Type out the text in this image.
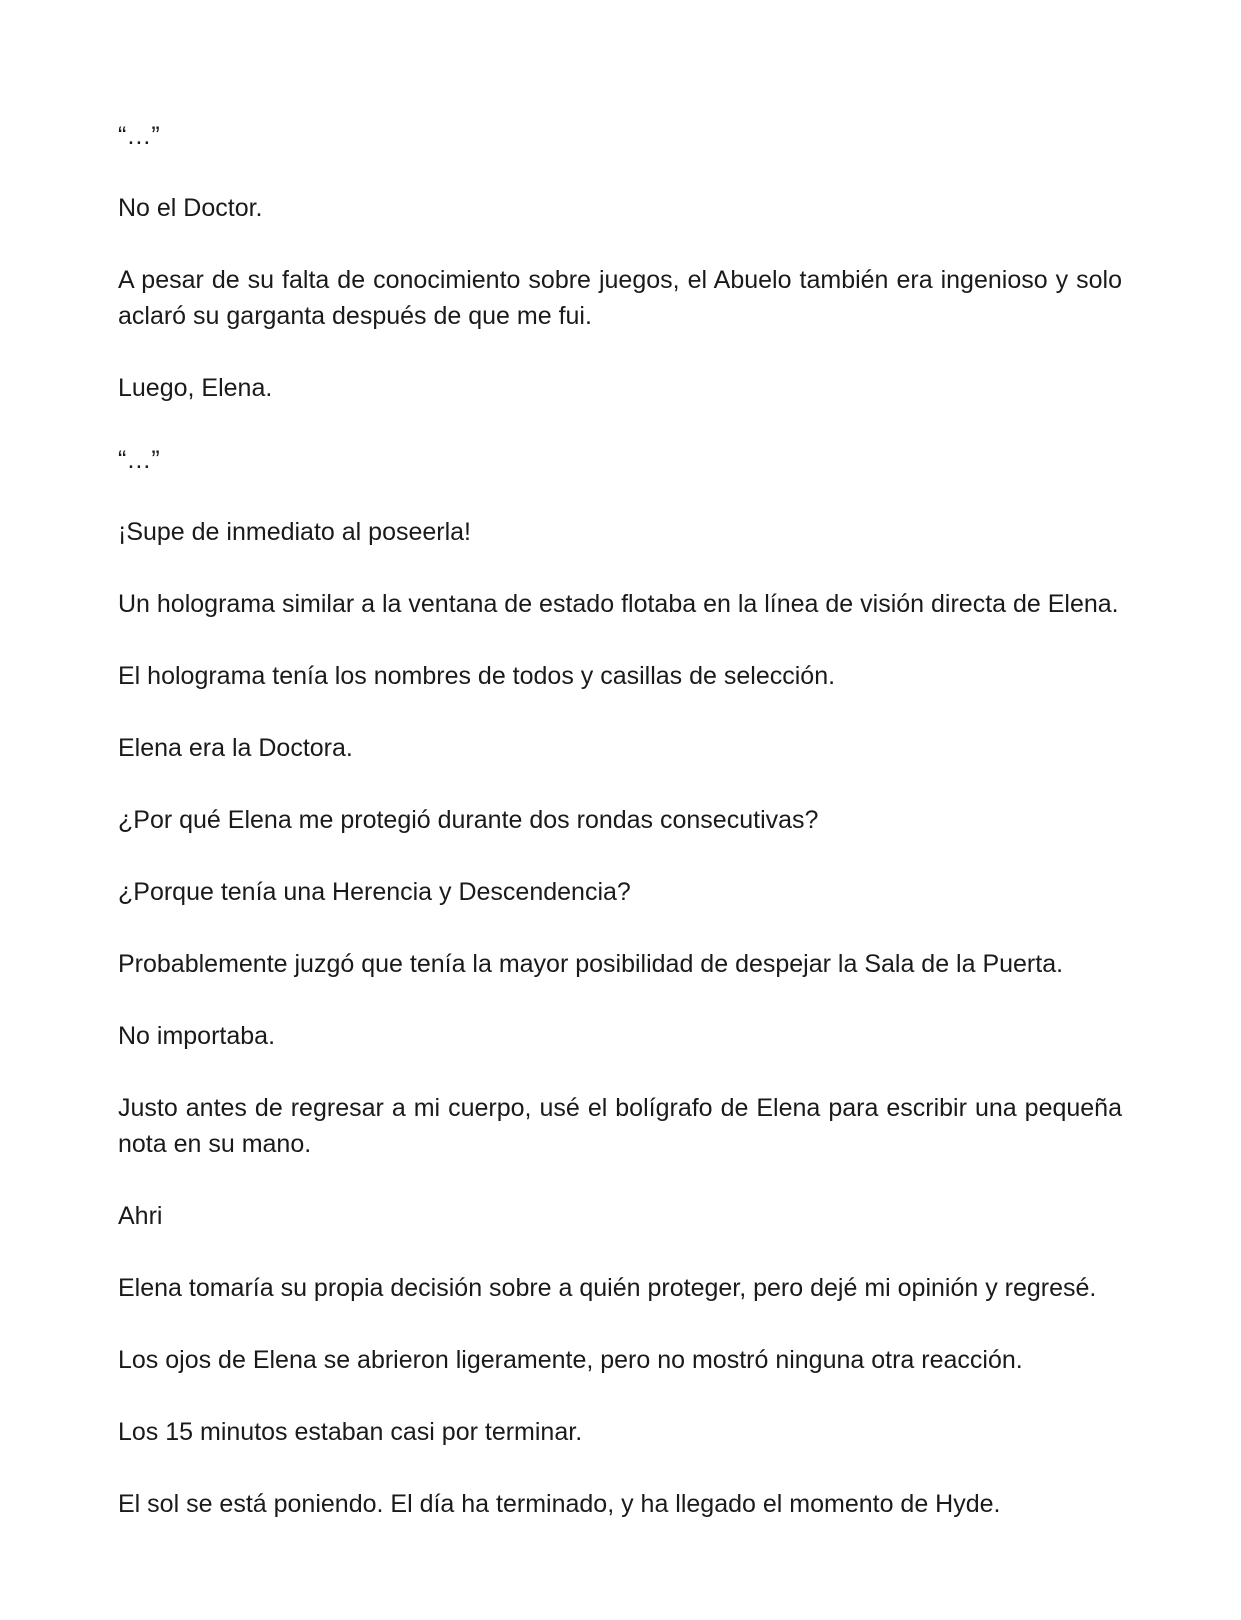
“…”

No el Doctor.

A pesar de su falta de conocimiento sobre juegos, el Abuelo también era ingenioso y solo aclaró su garganta después de que me fui.

Luego, Elena.

“…”

¡Supe de inmediato al poseerla!

Un holograma similar a la ventana de estado flotaba en la línea de visión directa de Elena.

El holograma tenía los nombres de todos y casillas de selección.

Elena era la Doctora.

¿Por qué Elena me protegió durante dos rondas consecutivas?

¿Porque tenía una Herencia y Descendencia?

Probablemente juzgó que tenía la mayor posibilidad de despejar la Sala de la Puerta.

No importaba.

Justo antes de regresar a mi cuerpo, usé el bolígrafo de Elena para escribir una pequeña nota en su mano.

Ahri

Elena tomaría su propia decisión sobre a quién proteger, pero dejé mi opinión y regresé.

Los ojos de Elena se abrieron ligeramente, pero no mostró ninguna otra reacción.

Los 15 minutos estaban casi por terminar.

El sol se está poniendo. El día ha terminado, y ha llegado el momento de Hyde.
